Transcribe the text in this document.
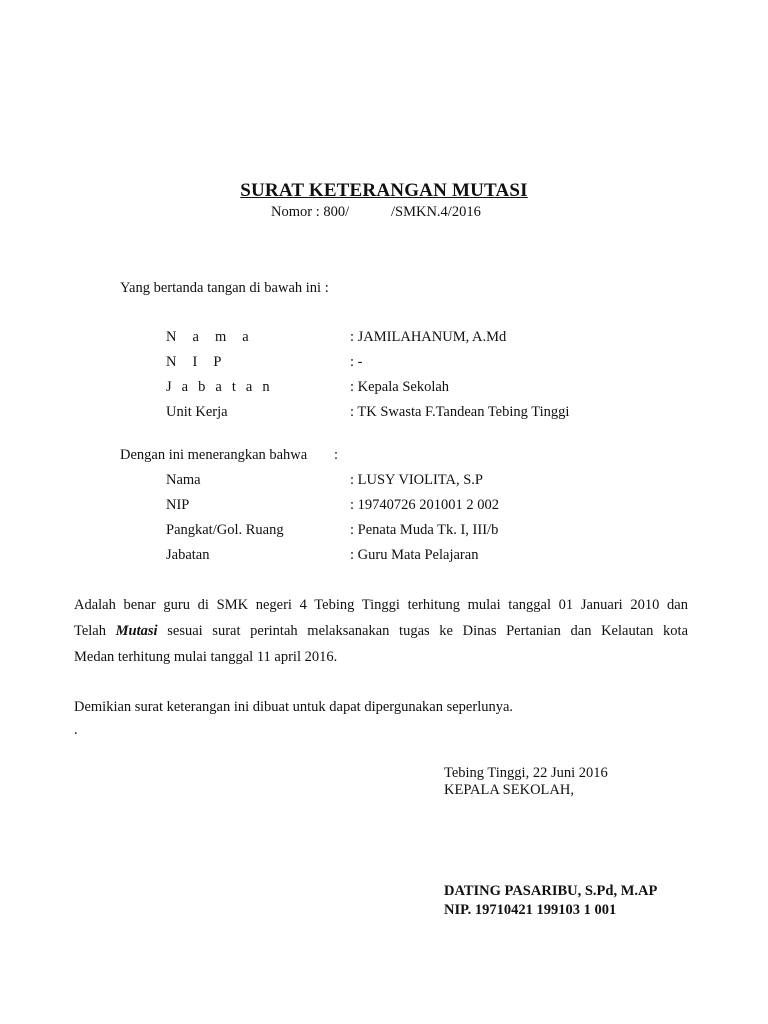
SURAT KETERANGAN MUTASI
Nomor : 800/	/SMKN.4/2016
Yang bertanda tangan di bawah ini :
N a m a	: JAMILAHANUM, A.Md
N I P	: -
J a b a t a n	: Kepala Sekolah
Unit Kerja	: TK Swasta F.Tandean Tebing Tinggi
Dengan ini menerangkan bahwa :
Nama	: LUSY VIOLITA, S.P
NIP	: 19740726 201001 2 002
Pangkat/Gol. Ruang	: Penata Muda Tk. I, III/b
Jabatan	: Guru Mata Pelajaran
Adalah benar guru di SMK negeri 4 Tebing Tinggi terhitung mulai tanggal 01 Januari 2010 dan
Telah Mutasi sesuai surat perintah melaksanakan tugas ke Dinas Pertanian dan Kelautan kota
Medan terhitung mulai tanggal 11 april 2016.
Demikian surat keterangan ini dibuat untuk dapat dipergunakan seperlunya.
.
Tebing Tinggi, 22 Juni 2016
KEPALA SEKOLAH,
DATING PASARIBU, S.Pd, M.AP
NIP. 19710421 199103 1 001
